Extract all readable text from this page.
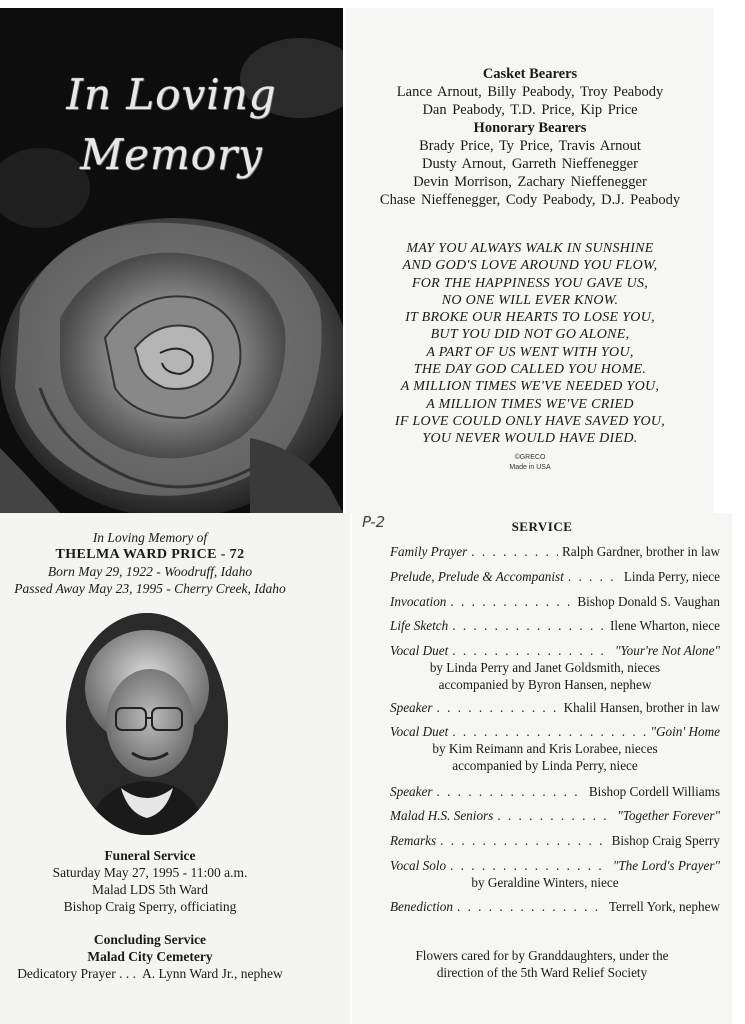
In Loving
Memory
Casket Bearers
Lance Arnout, Billy Peabody, Troy Peabody
Dan Peabody, T.D. Price, Kip Price
Honorary Bearers
Brady Price, Ty Price, Travis Arnout
Dusty Arnout, Garreth Nieffenegger
Devin Morrison, Zachary Nieffenegger
Chase Nieffenegger, Cody Peabody, D.J. Peabody
MAY YOU ALWAYS WALK IN SUNSHINE
AND GOD'S LOVE AROUND YOU FLOW,
FOR THE HAPPINESS YOU GAVE US,
NO ONE WILL EVER KNOW.
IT BROKE OUR HEARTS TO LOSE YOU,
BUT YOU DID NOT GO ALONE,
A PART OF US WENT WITH YOU,
THE DAY GOD CALLED YOU HOME.
A MILLION TIMES WE'VE NEEDED YOU,
A MILLION TIMES WE'VE CRIED
IF LOVE COULD ONLY HAVE SAVED YOU,
YOU NEVER WOULD HAVE DIED.
©GRECO
Made in USA
In Loving Memory of
THELMA WARD PRICE - 72
Born May 29, 1922 - Woodruff, Idaho
Passed Away May 23, 1995 - Cherry Creek, Idaho
Funeral Service
Saturday May 27, 1995 - 11:00 a.m.
Malad LDS 5th Ward
Bishop Craig Sperry, officiating
Concluding Service
Malad City Cemetery
Dedicatory Prayer . . .  A. Lynn Ward Jr., nephew
P-2	SERVICE
Family Prayer . . .	Ralph Gardner, brother in law
Prelude, Prelude & Accompanist . . .	Linda Perry, niece
Invocation . . .	Bishop Donald S. Vaughan
Life Sketch . . .	Ilene Wharton, niece
Vocal Duet . . .	"Your're Not Alone"
by Linda Perry and Janet Goldsmith, nieces
accompanied by Byron Hansen, nephew
Speaker . . .	Khalil Hansen, brother in law
Vocal Duet . . .	"Goin' Home
by Kim Reimann and Kris Lorabee, nieces
accompanied by Linda Perry, niece
Speaker . . .	Bishop Cordell Williams
Malad H.S. Seniors . . .	"Together Forever"
Remarks . . .	Bishop Craig Sperry
Vocal Solo . . .	"The Lord's Prayer"
by Geraldine Winters, niece
Benediction . . .	Terrell York, nephew
Flowers cared for by Granddaughters, under the
direction of the 5th Ward Relief Society
